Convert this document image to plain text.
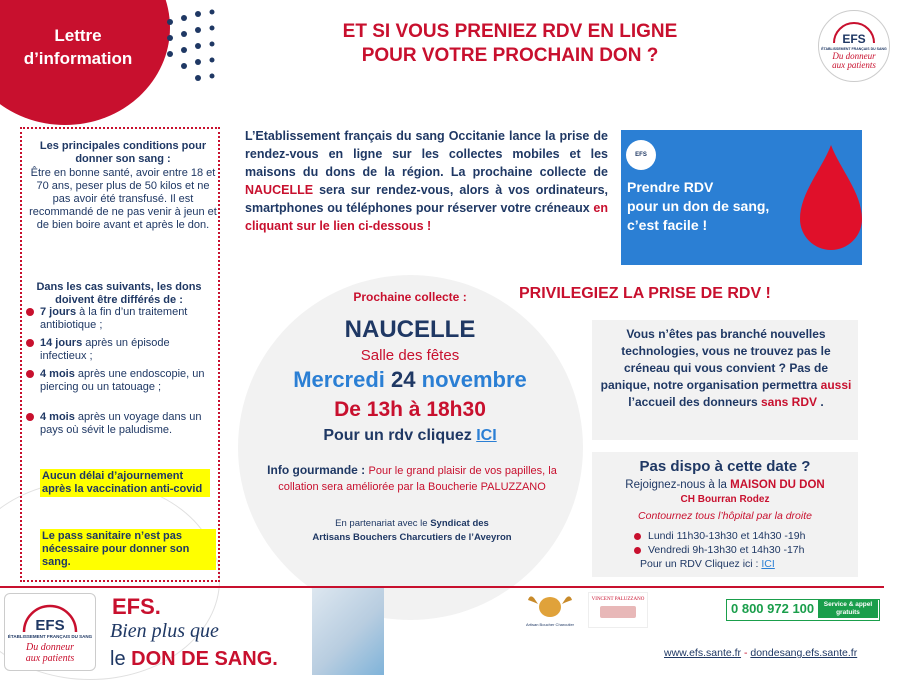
Lettre
d’information
ET SI VOUS PRENIEZ RDV EN LIGNE
POUR VOTRE PROCHAIN DON ?
EFS
ÉTABLISSEMENT FRANÇAIS DU SANG
Du donneur
aux patients
Les principales conditions pour donner son sang :
Être en bonne santé, avoir entre 18 et 70 ans, peser plus de 50 kilos et ne pas avoir été transfusé. Il est recommandé de ne pas venir à jeun et de bien boire avant et après le don.
Dans les cas suivants, les dons doivent être différés de :
7 jours à la fin d’un traitement antibiotique ;
14 jours après un épisode infectieux ;
4 mois après une endoscopie, un piercing ou un tatouage ;
4 mois après un voyage dans un pays où sévit le paludisme.
Aucun délai d’ajournement après la vaccination anti-covid
Le pass sanitaire n’est pas nécessaire pour donner son sang.
L’Etablissement français du sang Occitanie lance la prise de rendez-vous en ligne sur les collectes mobiles et les maisons du dons de la région. La prochaine collecte de NAUCELLE sera sur rendez-vous, alors à vos ordinateurs, smartphones ou téléphones pour réserver votre créneaux en cliquant sur le lien ci-dessous !
EFS
Prendre RDV
pour un don de sang,
c’est facile !
Prochaine collecte :
NAUCELLE
Salle des fêtes
Mercredi 24 novembre
De 13h à 18h30
Pour un rdv cliquez ICI
Info gourmande : Pour le grand plaisir de vos papilles, la collation sera améliorée par la Boucherie PALUZZANO
En partenariat avec le Syndicat des
Artisans Bouchers Charcutiers de l’Aveyron
PRIVILEGIEZ LA PRISE DE RDV !
Vous n’êtes pas branché nouvelles technologies, vous ne trouvez pas le créneau qui vous convient ? Pas de panique, notre organisation permettra aussi l’accueil des donneurs sans RDV .
Pas dispo à cette date ?
Rejoignez-nous à la MAISON DU DON
CH Bourran Rodez
Contournez tous l’hôpital par la droite
Lundi 11h30-13h30 et 14h30 -19h
Vendredi 9h-13h30 et 14h30 -17h
Pour un RDV Cliquez ici : ICI
EFS
ÉTABLISSEMENT FRANÇAIS DU SANG
Du donneur
aux patients
EFS.
Bien plus que
le DON DE SANG.
Artisan Boucher Charcutier
VINCENT PALUZZANO
0 800 972 100	Service & appel gratuits
www.efs.sante.fr - dondesang.efs.sante.fr
